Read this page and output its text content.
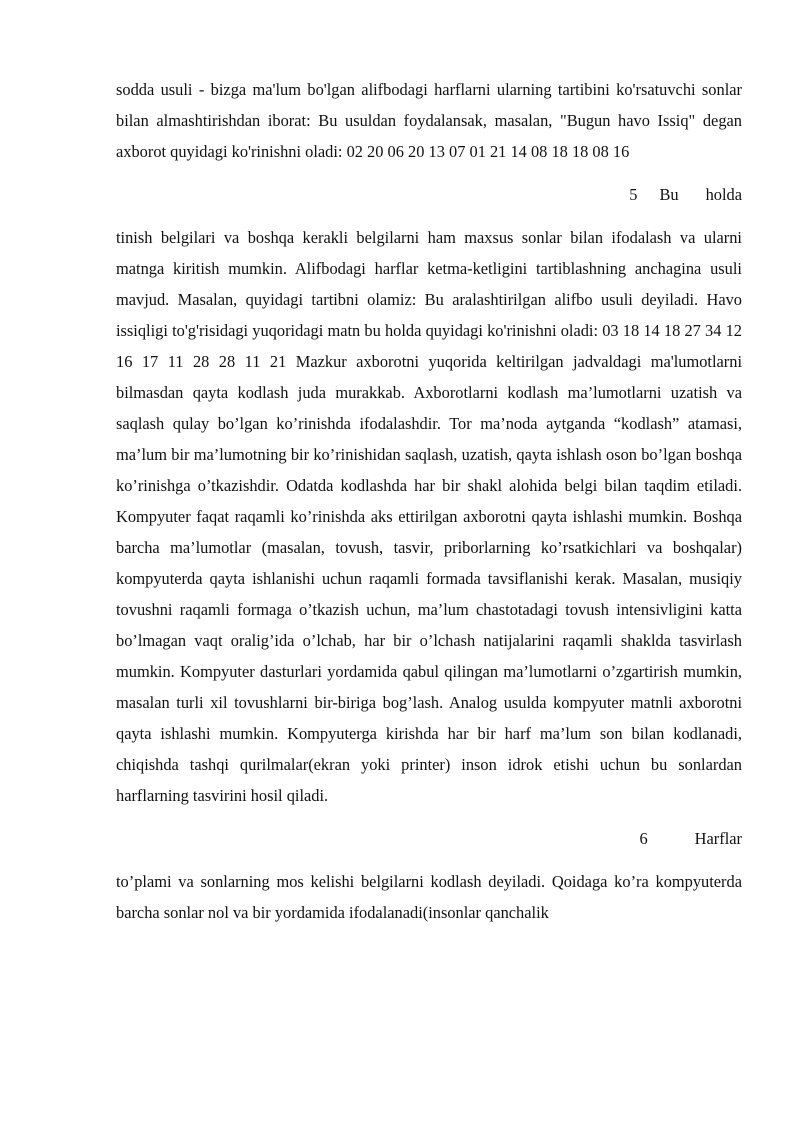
sodda usuli - bizga ma'lum bo'lgan alifbodagi harflarni ularning tartibini ko'rsatuvchi sonlar bilan almashtirishdan iborat: Bu usuldan foydalansak, masalan, "Bugun havo Issiq" degan axborot quyidagi ko'rinishni oladi: 02 20 06 20 13 07 01 21 14 08 18 18 08 16

5 Bu holda

tinish belgilari va boshqa kerakli belgilarni ham maxsus sonlar bilan ifodalash va ularni matnga kiritish mumkin. Alifbodagi harflar ketma-ketligini tartiblashning anchagina usuli mavjud. Masalan, quyidagi tartibni olamiz: Bu aralashtirilgan alifbo usuli deyiladi. Havo issiqligi to'g'risidagi yuqoridagi matn bu holda quyidagi ko'rinishni oladi: 03 18 14 18 27 34 12 16 17 11 28 28 11 21 Mazkur axborotni yuqorida keltirilgan jadvaldagi ma'lumotlarni bilmasdan qayta kodlash juda murakkab. Axborotlarni kodlash ma’lumotlarni uzatish va saqlash qulay bo’lgan ko’rinishda ifodalashdir. Tor ma’noda aytganda “kodlash” atamasi, ma’lum bir ma’lumotning bir ko’rinishidan saqlash, uzatish, qayta ishlash oson bo’lgan boshqa ko’rinishga o’tkazishdir. Odatda kodlashda har bir shakl alohida belgi bilan taqdim etiladi. Kompyuter faqat raqamli ko’rinishda aks ettirilgan axborotni qayta ishlashi mumkin. Boshqa barcha ma’lumotlar (masalan, tovush, tasvir, priborlarning ko’rsatkichlari va boshqalar) kompyuterda qayta ishlanishi uchun raqamli formada tavsiflanishi kerak. Masalan, musiqiy tovushni raqamli formaga o’tkazish uchun, ma’lum chastotadagi tovush intensivligini katta bo’lmagan vaqt oralig’ida o’lchab, har bir o’lchash natijalarini raqamli shaklda tasvirlash mumkin. Kompyuter dasturlari yordamida qabul qilingan ma’lumotlarni o’zgartirish mumkin, masalan turli xil tovushlarni bir-biriga bog’lash. Analog usulda kompyuter matnli axborotni qayta ishlashi mumkin. Kompyuterga kirishda har bir harf ma’lum son bilan kodlanadi, chiqishda tashqi qurilmalar(ekran yoki printer) inson idrok etishi uchun bu sonlardan harflarning tasvirini hosil qiladi.

6	Harflar

to’plami va sonlarning mos kelishi belgilarni kodlash deyiladi. Qoidaga ko’ra kompyuterda barcha sonlar nol va bir yordamida ifodalanadi(insonlar qanchalik
